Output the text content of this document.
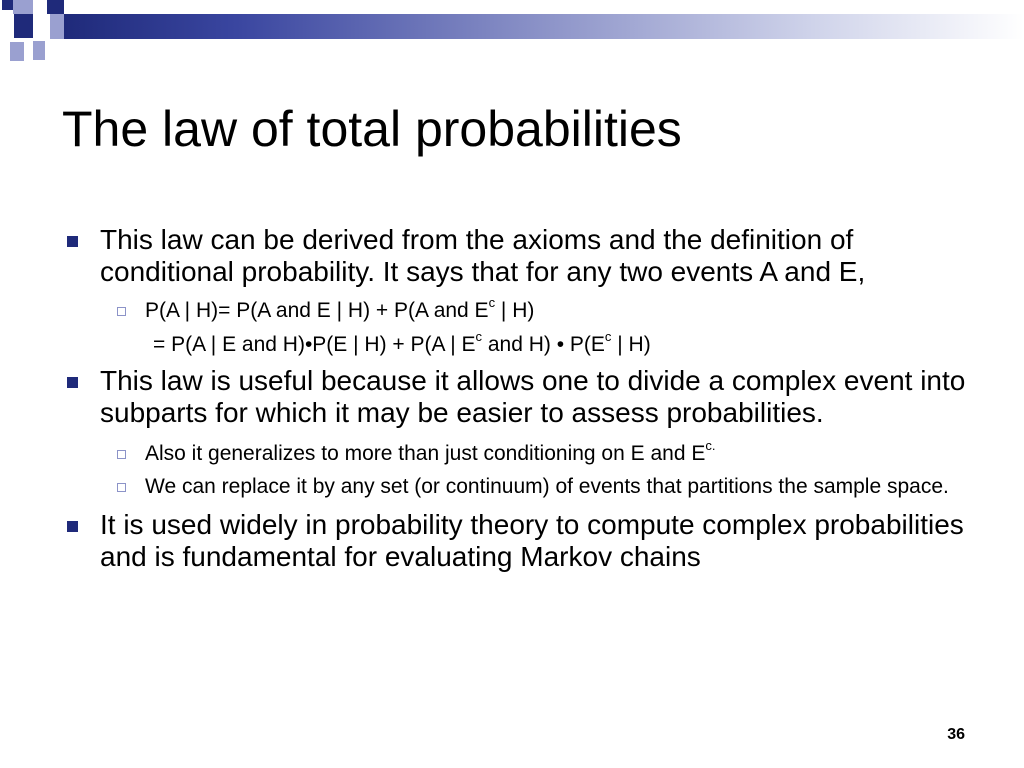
The law of total probabilities
This law can be derived from the axioms and the definition of conditional probability. It says that for any two events A and E,
P(A | H)= P(A and E | H) + P(A and $E^c$ | H)
= P(A | E and H)•P(E | H) + P(A | $E^c$ and H) • $P(E^c$ | H)
This law is useful because it allows one to divide a complex event into subparts for which it may be easier to assess probabilities.
Also it generalizes to more than just conditioning on E and $E^{c.}$
We can replace it by any set (or continuum) of events that partitions the sample space.
It is used widely in probability theory to compute complex probabilities and is fundamental for evaluating Markov chains
36
